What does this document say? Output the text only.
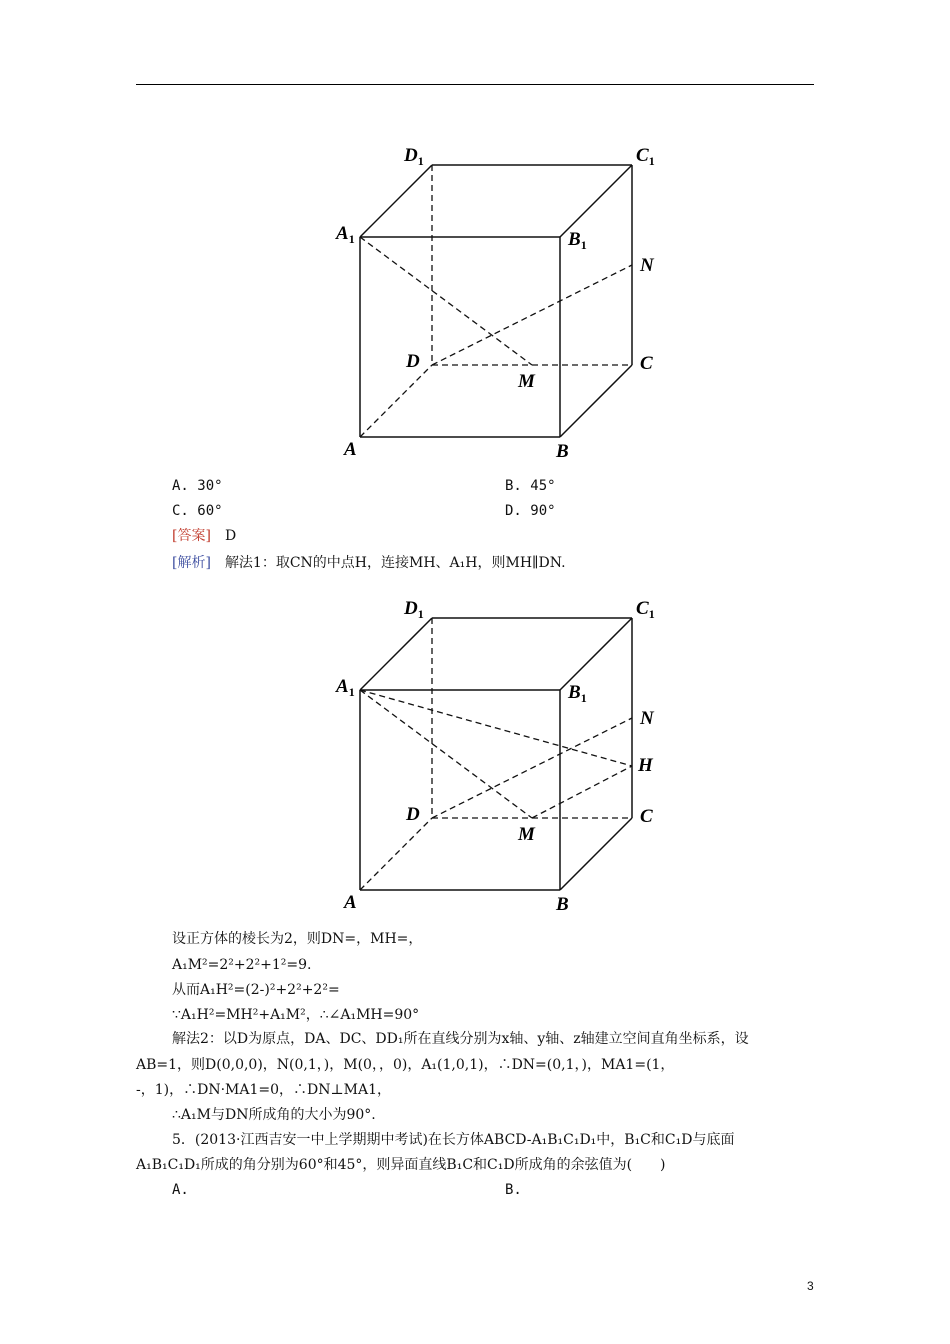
$D_1$	$C_1$
$A_1$	$B_1$
N
D
M
C
A	B
A. 30°	B. 45°
C. 60°	D. 90°
[答案]　 D
[解析]　 解法1：取CN的中点H，连接MH、A₁H，则MH∥DN.
$D_1$	$C_1$
$A_1$	$B_1$
N
H
D
M
C
A	B
设正方体的棱长为2，则DN=，MH=，
A₁M²=2²+2²+1²=9.
从而A₁H²=(2-)²+2²+2²=
∵A₁H²=MH²+A₁M²，∴∠A₁MH=90°
解法2：以D为原点，DA、DC、DD₁所在直线分别为x轴、y轴、z轴建立空间直角坐标系，设
AB=1，则D(0,0,0)，N(0,1，)，M(0，，0)，A₁(1,0,1)，∴DN=(0,1，)，MA1=(1，
-，1)，∴DN·MA1=0，∴DN⊥MA1，
∴A₁M与DN所成角的大小为90°.
5．(2013·江西吉安一中上学期期中考试)在长方体ABCD-A₁B₁C₁D₁中，B₁C和C₁D与底面
A₁B₁C₁D₁所成的角分别为60°和45°，则异面直线B₁C和C₁D所成角的余弦值为(　　)
A.	B.
3
